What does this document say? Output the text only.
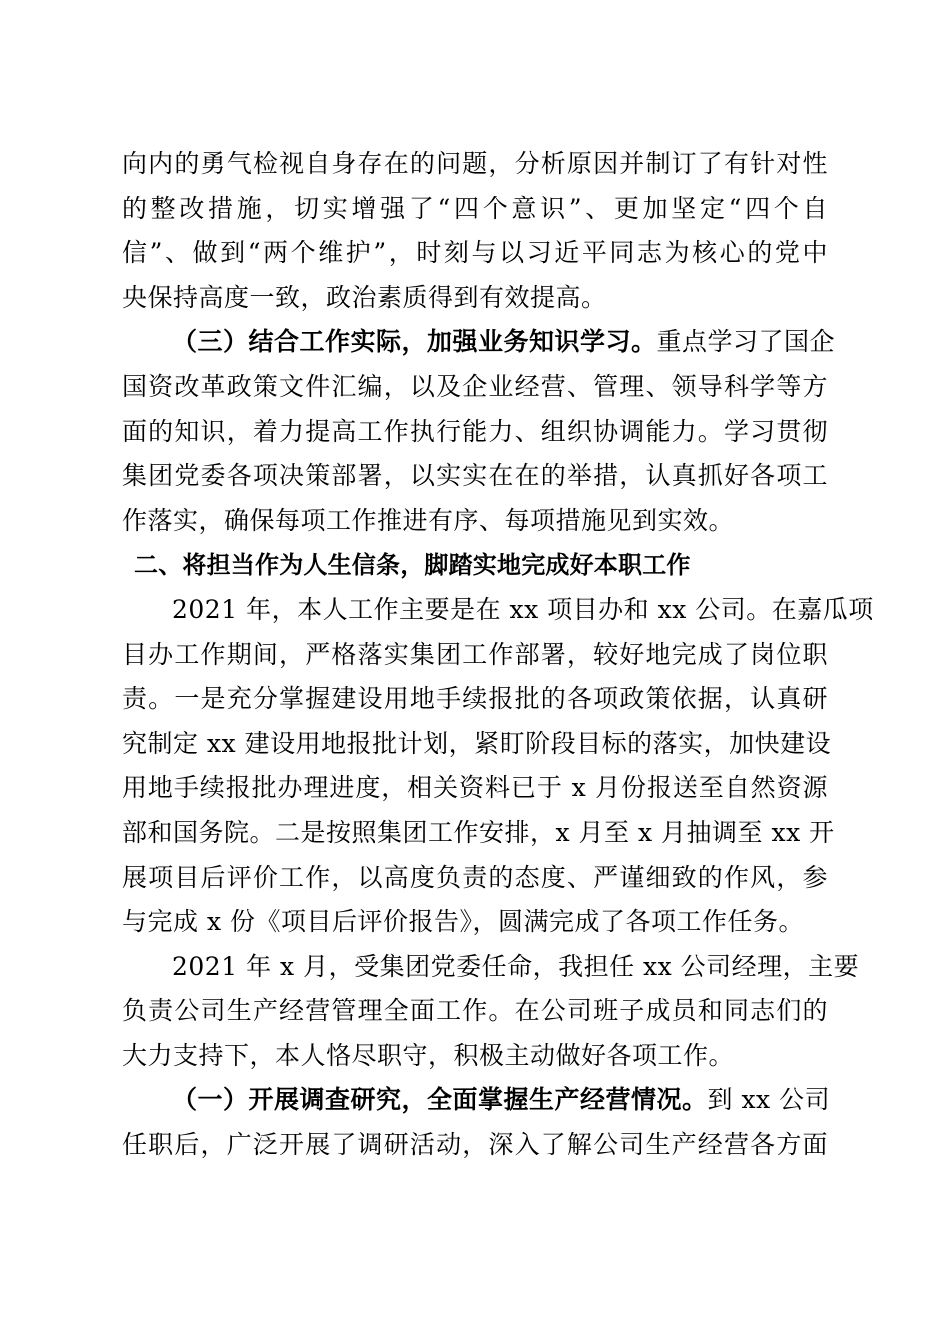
向内的勇气检视自身存在的问题，分析原因并制订了有针对性
的整改措施，切实增强了“四个意识”、更加坚定“四个自
信”、做到“两个维护”，时刻与以习近平同志为核心的党中
央保持高度一致，政治素质得到有效提高。
（三）结合工作实际，加强业务知识学习。重点学习了国企
国资改革政策文件汇编，以及企业经营、管理、领导科学等方
面的知识，着力提高工作执行能力、组织协调能力。学习贯彻
集团党委各项决策部署，以实实在在的举措，认真抓好各项工
作落实，确保每项工作推进有序、每项措施见到实效。
二、将担当作为人生信条，脚踏实地完成好本职工作
2021 年，本人工作主要是在 xx 项目办和 xx 公司。在嘉瓜项
目办工作期间，严格落实集团工作部署，较好地完成了岗位职
责。一是充分掌握建设用地手续报批的各项政策依据，认真研
究制定 xx 建设用地报批计划，紧盯阶段目标的落实，加快建设
用地手续报批办理进度，相关资料已于 x 月份报送至自然资源
部和国务院。二是按照集团工作安排，x 月至 x 月抽调至 xx 开
展项目后评价工作，以高度负责的态度、严谨细致的作风，参
与完成 x 份《项目后评价报告》，圆满完成了各项工作任务。
2021 年 x 月，受集团党委任命，我担任 xx 公司经理，主要
负责公司生产经营管理全面工作。在公司班子成员和同志们的
大力支持下，本人恪尽职守，积极主动做好各项工作。
（一）开展调查研究，全面掌握生产经营情况。到 xx 公司
任职后，广泛开展了调研活动，深入了解公司生产经营各方面
